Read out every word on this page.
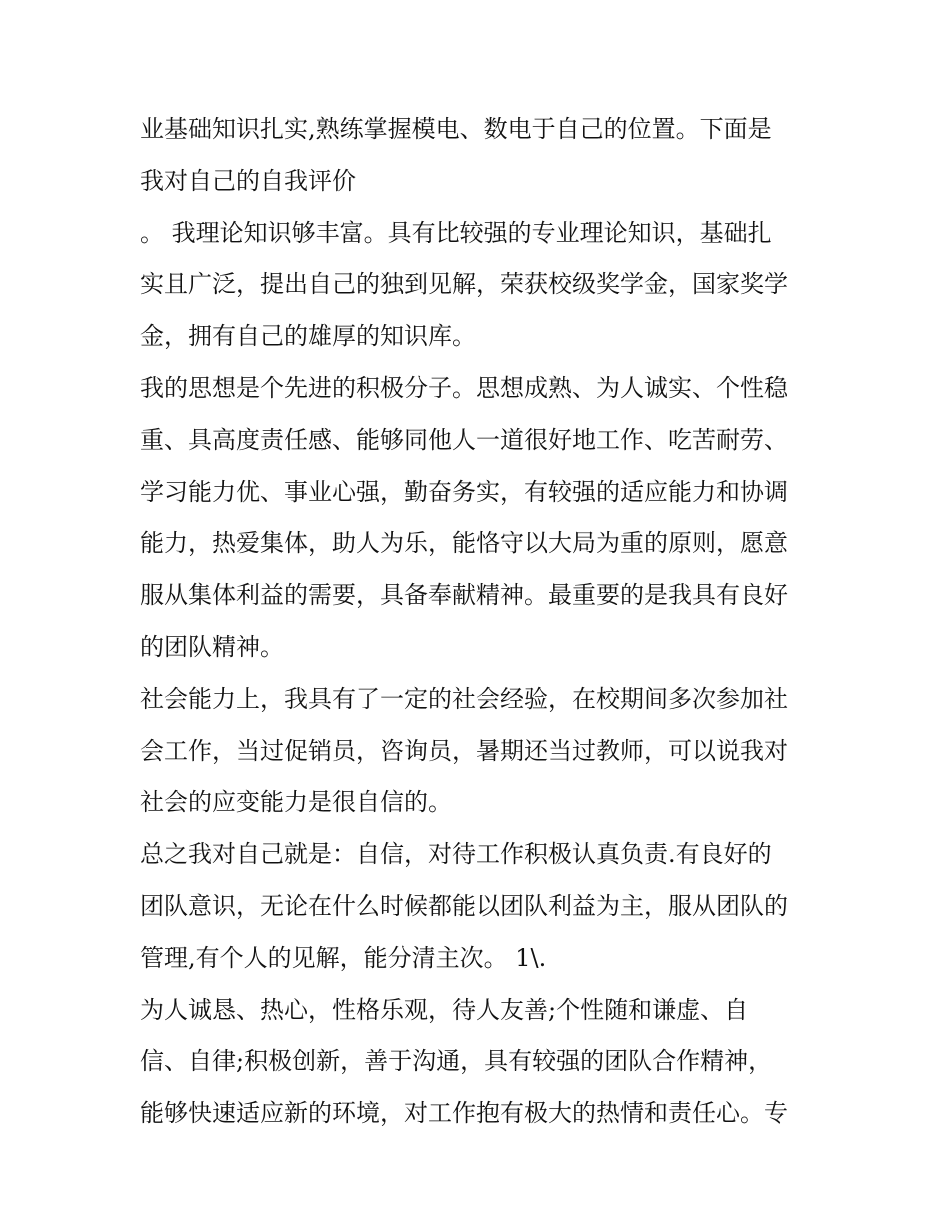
业基础知识扎实,熟练掌握模电、数电于自己的位置。下面是
我对自己的自我评价
。 我理论知识够丰富。具有比较强的专业理论知识，基础扎
实且广泛，提出自己的独到见解，荣获校级奖学金，国家奖学
金，拥有自己的雄厚的知识库。
我的思想是个先进的积极分子。思想成熟、为人诚实、个性稳
重、具高度责任感、能够同他人一道很好地工作、吃苦耐劳、
学习能力优、事业心强，勤奋务实，有较强的适应能力和协调
能力，热爱集体，助人为乐，能恪守以大局为重的原则，愿意
服从集体利益的需要，具备奉献精神。最重要的是我具有良好
的团队精神。
社会能力上，我具有了一定的社会经验，在校期间多次参加社
会工作，当过促销员，咨询员，暑期还当过教师，可以说我对
社会的应变能力是很自信的。
总之我对自己就是：自信，对待工作积极认真负责.有良好的
团队意识，无论在什么时候都能以团队利益为主，服从团队的
管理,有个人的见解，能分清主次。 1\.
为人诚恳、热心，性格乐观，待人友善;个性随和谦虚、自
信、自律;积极创新，善于沟通，具有较强的团队合作精神，
能够快速适应新的环境，对工作抱有极大的热情和责任心。专
